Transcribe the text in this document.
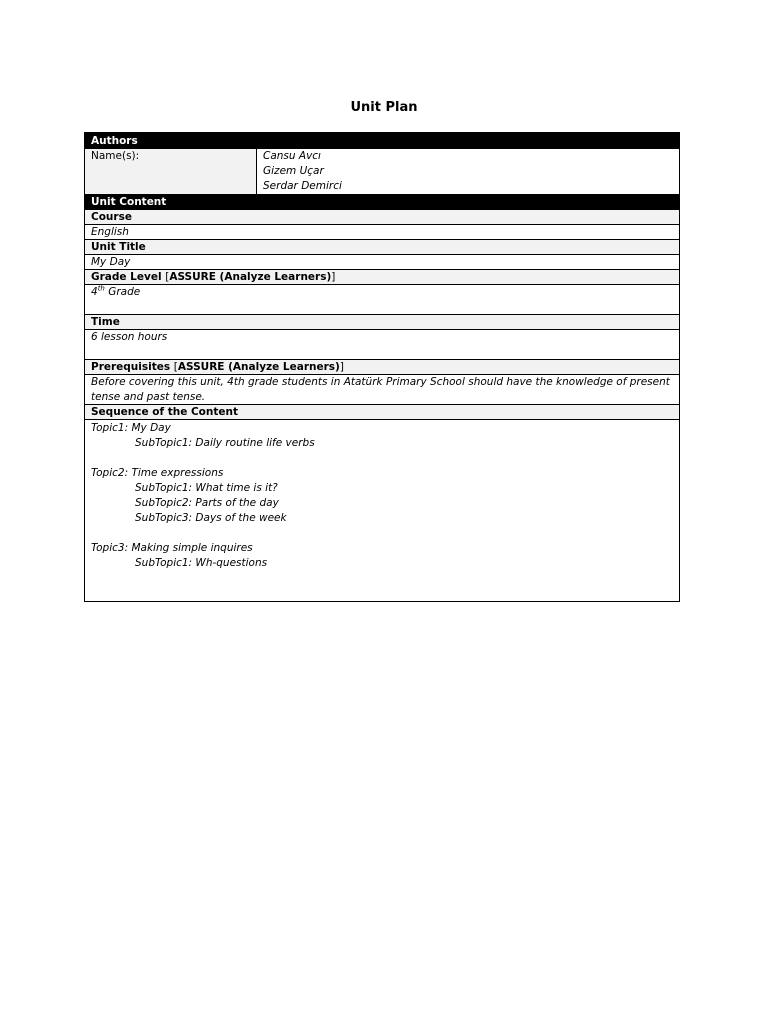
Unit Plan
Authors
Name(s):	Cansu Avcı
Gizem Uçar
Serdar Demirci
Unit Content
Course
English
Unit Title
My Day
Grade Level [ASSURE (Analyze Learners)]
4th Grade
Time
6 lesson hours
Prerequisites [ASSURE (Analyze Learners)]
Before covering this unit, 4th grade students in Atatürk Primary School should have the knowledge of present tense and past tense.
Sequence of the Content
Topic1: My Day
SubTopic1: Daily routine life verbs
Topic2: Time expressions
SubTopic1: What time is it?
SubTopic2: Parts of the day
SubTopic3: Days of the week
Topic3: Making simple inquires
SubTopic1: Wh-questions
